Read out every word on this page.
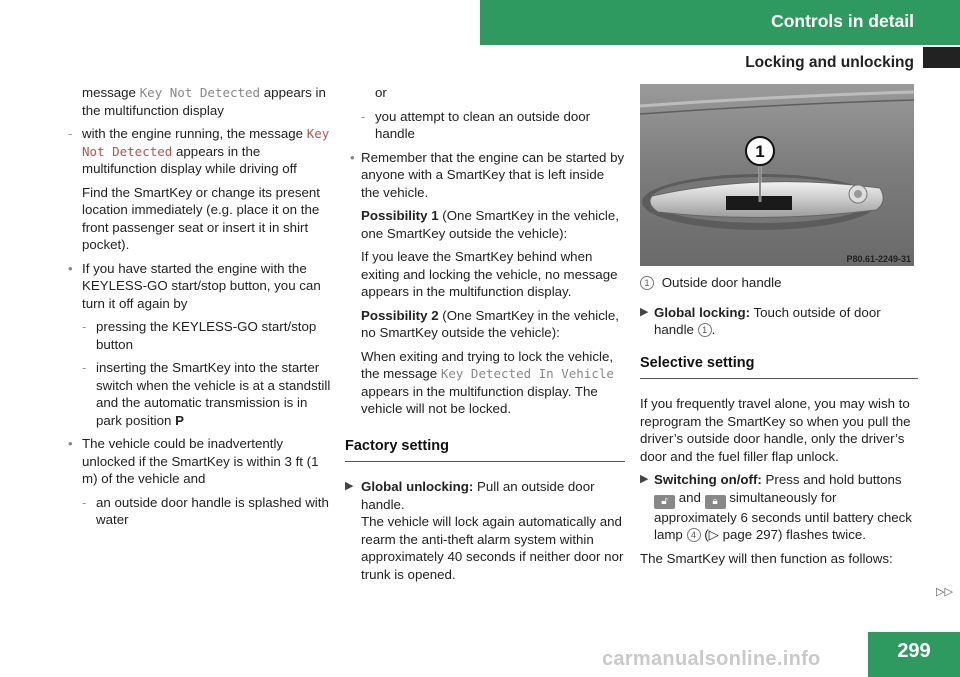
Controls in detail
Locking and unlocking

message Key Not Detected appears in the multifunction display

- with the engine running, the message Key Not Detected appears in the multifunction display while driving off

Find the SmartKey or change its present location immediately (e.g. place it on the front passenger seat or insert it in shirt pocket).

• If you have started the engine with the KEYLESS-GO start/stop button, you can turn it off again by
- pressing the KEYLESS-GO start/stop button
- inserting the SmartKey into the starter switch when the vehicle is at a standstill and the automatic transmission is in park position P
• The vehicle could be inadvertently unlocked if the SmartKey is within 3 ft (1 m) of the vehicle and
- an outside door handle is splashed with water

or

- you attempt to clean an outside door handle
• Remember that the engine can be started by anyone with a SmartKey that is left inside the vehicle.

Possibility 1 (One SmartKey in the vehicle, one SmartKey outside the vehicle):

If you leave the SmartKey behind when exiting and locking the vehicle, no message appears in the multifunction display.

Possibility 2 (One SmartKey in the vehicle, no SmartKey outside the vehicle):

When exiting and trying to lock the vehicle, the message Key Detected In Vehicle appears in the multifunction display. The vehicle will not be locked.

Factory setting
▶ Global unlocking: Pull an outside door handle.
The vehicle will lock again automatically and rearm the anti-theft alarm system within approximately 40 seconds if neither door nor trunk is opened.
1
P80.61-2249-31

1 Outside door handle

▶ Global locking: Touch outside of door handle 1 .
Selective setting

If you frequently travel alone, you may wish to reprogram the SmartKey so when you pull the driver’s outside door handle, only the driver’s door and the fuel filler flap unlock.

▶ Switching on/off: Press and hold buttons
🔓︎ and 🔒︎ simultaneously for approximately 6 seconds until battery check lamp 4 (▷ page 297) flashes twice.

The SmartKey will then function as follows:

▷▷
carmanualsonline.info	299
